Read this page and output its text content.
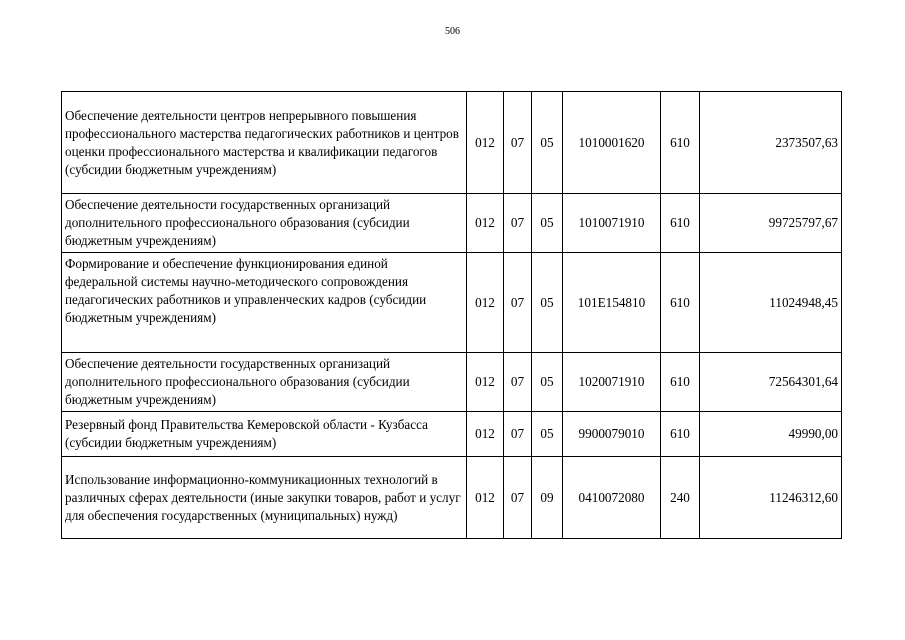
506
Обеспечение деятельности центров непрерывного повышения профессионального мастерства педагогических работников и центров оценки профессионального мастерства и квалификации педагогов (субсидии бюджетным учреждениям)	012	07	05	1010001620	610	2373507,63
Обеспечение деятельности государственных организаций дополнительного профессионального образования (субсидии бюджетным учреждениям)	012	07	05	1010071910	610	99725797,67
Формирование и обеспечение функционирования единой федеральной системы научно-методического сопровождения педагогических работников и управленческих кадров (субсидии бюджетным учреждениям)	012	07	05	101E154810	610	11024948,45
Обеспечение деятельности государственных организаций дополнительного профессионального образования (субсидии бюджетным учреждениям)	012	07	05	1020071910	610	72564301,64
Резервный фонд Правительства Кемеровской области - Кузбасса (субсидии бюджетным учреждениям)	012	07	05	9900079010	610	49990,00
Использование информационно-коммуникационных технологий в различных сферах деятельности (иные закупки товаров, работ и услуг для обеспечения государственных (муниципальных) нужд)	012	07	09	0410072080	240	11246312,60
